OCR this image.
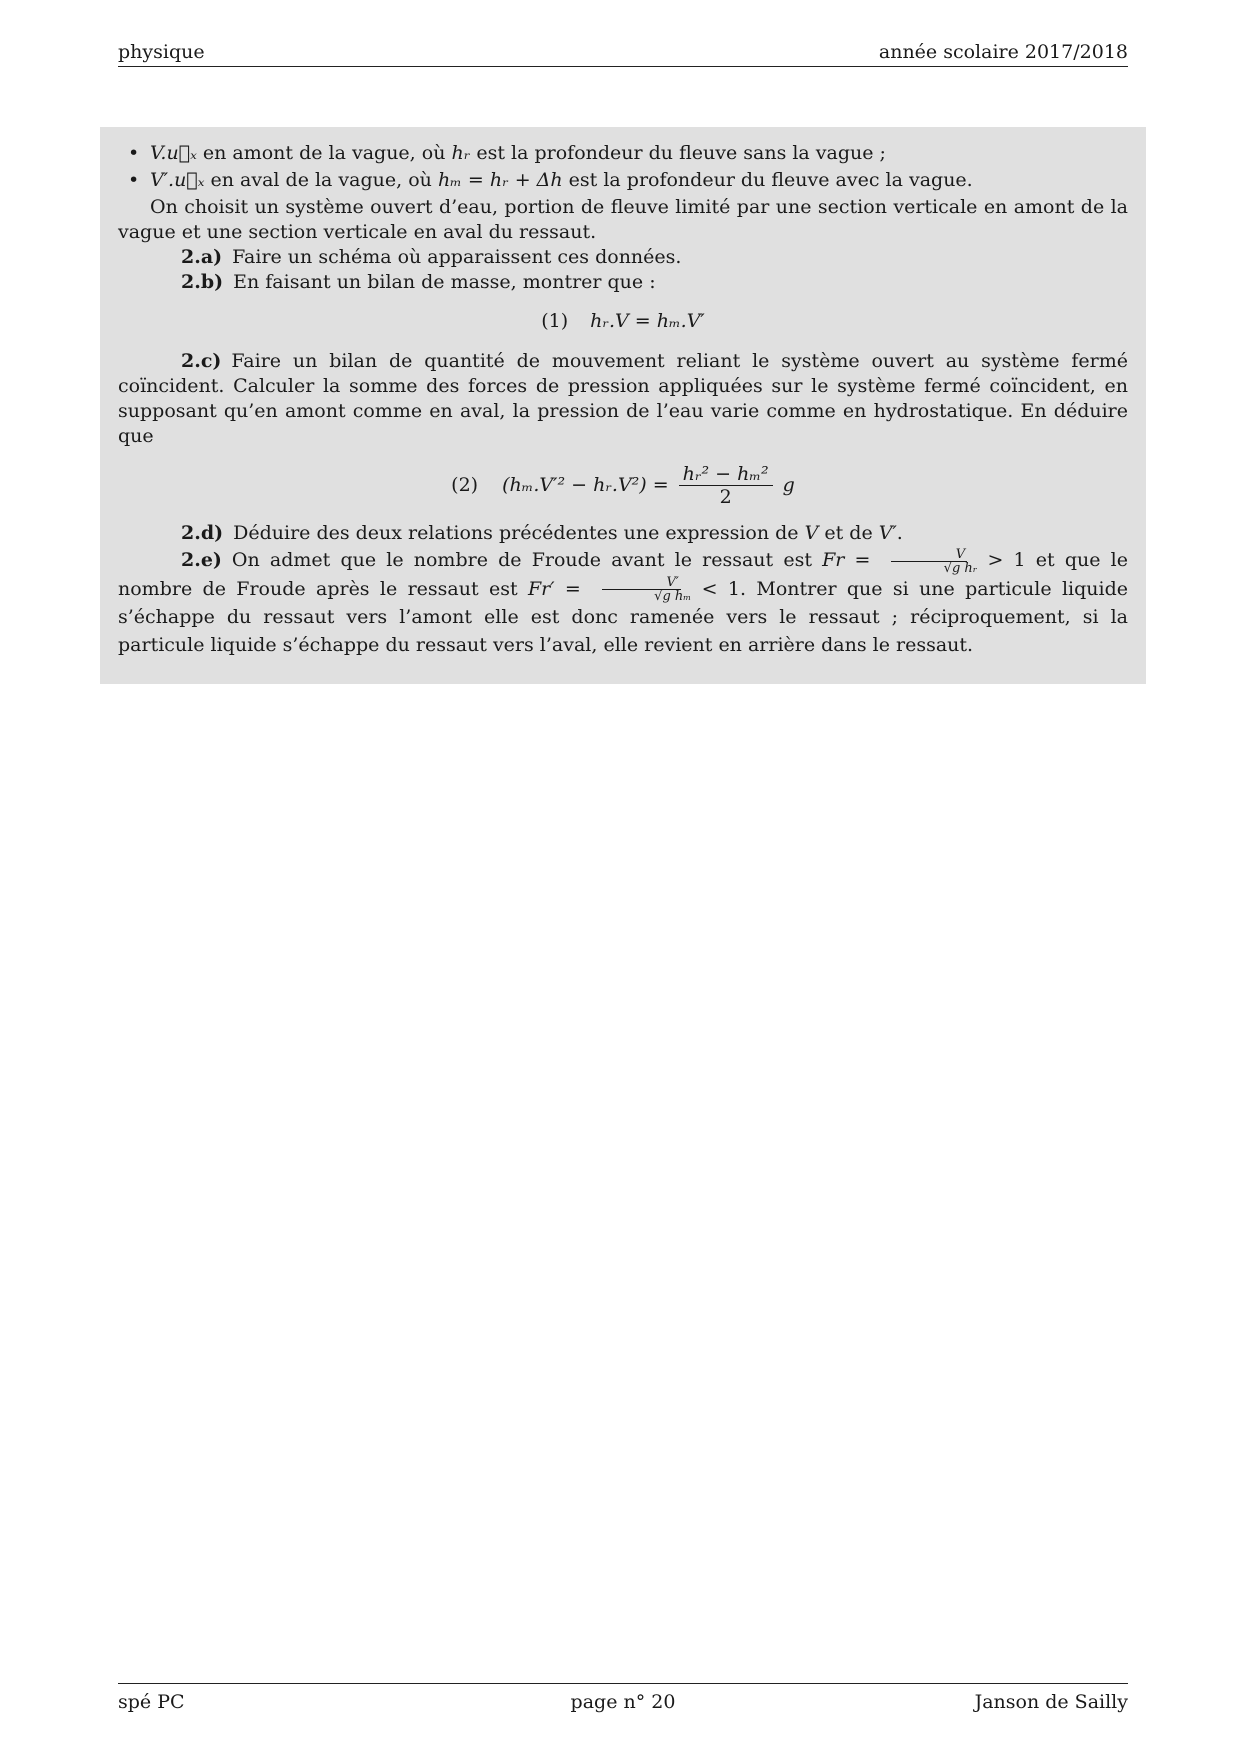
physique	année scolaire 2017/2018
• V.u⃗ₓ en amont de la vague, où hᵣ est la profondeur du fleuve sans la vague ;
• V′.u⃗ₓ en aval de la vague, où hₘ = hᵣ + Δh est la profondeur du fleuve avec la vague.

On choisit un système ouvert d’eau, portion de fleuve limité par une section verticale en amont de la vague et une section verticale en aval du ressaut.

2.a) Faire un schéma où apparaissent ces données.

2.b) En faisant un bilan de masse, montrer que :

(1) hᵣ.V = hₘ.V′

2.c) Faire un bilan de quantité de mouvement reliant le système ouvert au système fermé coïncident. Calculer la somme des forces de pression appliquées sur le système fermé coïncident, en supposant qu’en amont comme en aval, la pression de l’eau varie comme en hydrostatique. En déduire que

(2) (hₘ.V′² − hᵣ.V²) = $\frac{\text{hᵣ² − hₘ²}}{2}$ g

2.d) Déduire des deux relations précédentes une expression de V et de V′.

2.e) On admet que le nombre de Froude avant le ressaut est $Fr = \frac{V}{\text{√g hᵣ}} > 1$ et que le nombre de Froude après le ressaut est $Fr' = \frac{V'}{\text{√g hₘ}} < 1$. Montrer que si une particule liquide s’échappe du ressaut vers l’amont elle est donc ramenée vers le ressaut ; réciproquement, si la particule liquide s’échappe du ressaut vers l’aval, elle revient en arrière dans le ressaut.

spé PC	page n° 20	Janson de Sailly
